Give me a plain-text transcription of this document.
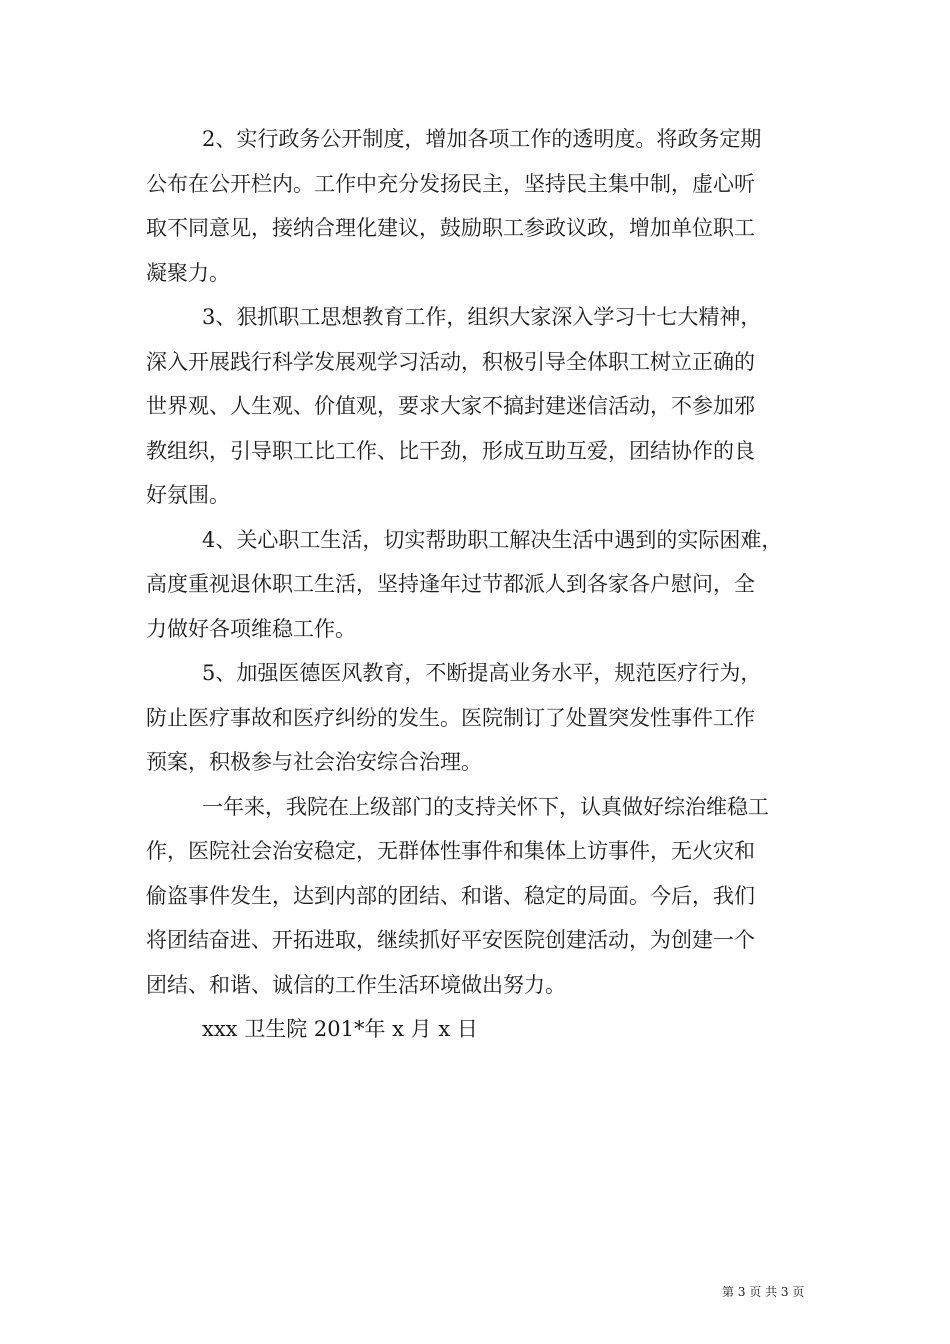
2、实行政务公开制度，增加各项工作的透明度。将政务定期
公布在公开栏内。工作中充分发扬民主，坚持民主集中制，虚心听
取不同意见，接纳合理化建议，鼓励职工参政议政，增加单位职工
凝聚力。
3、狠抓职工思想教育工作，组织大家深入学习十七大精神，
深入开展践行科学发展观学习活动，积极引导全体职工树立正确的
世界观、人生观、价值观，要求大家不搞封建迷信活动，不参加邪
教组织，引导职工比工作、比干劲，形成互助互爱，团结协作的良
好氛围。
4、关心职工生活，切实帮助职工解决生活中遇到的实际困难，
高度重视退休职工生活，坚持逢年过节都派人到各家各户慰问，全
力做好各项维稳工作。
5、加强医德医风教育，不断提高业务水平，规范医疗行为，
防止医疗事故和医疗纠纷的发生。医院制订了处置突发性事件工作
预案，积极参与社会治安综合治理。
一年来，我院在上级部门的支持关怀下，认真做好综治维稳工
作，医院社会治安稳定，无群体性事件和集体上访事件，无火灾和
偷盗事件发生，达到内部的团结、和谐、稳定的局面。今后，我们
将团结奋进、开拓进取，继续抓好平安医院创建活动，为创建一个
团结、和谐、诚信的工作生活环境做出努力。
xxx 卫生院 201*年 x 月 x 日
第 3 页 共 3 页
